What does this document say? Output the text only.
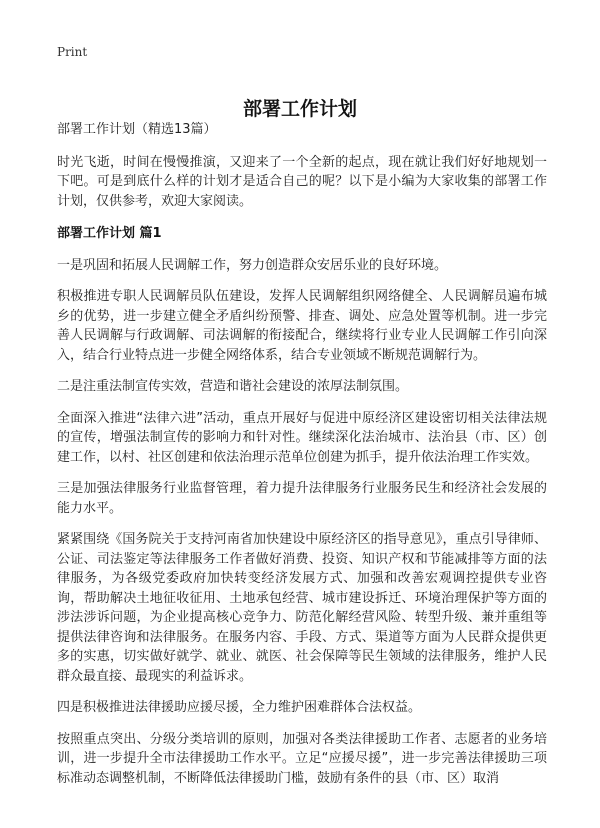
Print
部署工作计划

部署工作计划（精选13篇）

时光飞逝，时间在慢慢推演，又迎来了一个全新的起点，现在就让我们好好地规划一下吧。可是到底什么样的计划才是适合自己的呢？以下是小编为大家收集的部署工作计划，仅供参考，欢迎大家阅读。

部署工作计划 篇1

一是巩固和拓展人民调解工作，努力创造群众安居乐业的良好环境。

积极推进专职人民调解员队伍建设，发挥人民调解组织网络健全、人民调解员遍布城乡的优势，进一步建立健全矛盾纠纷预警、排查、调处、应急处置等机制。进一步完善人民调解与行政调解、司法调解的衔接配合，继续将行业专业人民调解工作引向深入，结合行业特点进一步健全网络体系，结合专业领域不断规范调解行为。

二是注重法制宣传实效，营造和谐社会建设的浓厚法制氛围。

全面深入推进“法律六进”活动，重点开展好与促进中原经济区建设密切相关法律法规的宣传，增强法制宣传的影响力和针对性。继续深化法治城市、法治县（市、区）创建工作，以村、社区创建和依法治理示范单位创建为抓手，提升依法治理工作实效。

三是加强法律服务行业监督管理，着力提升法律服务行业服务民生和经济社会发展的能力水平。

紧紧围绕《国务院关于支持河南省加快建设中原经济区的指导意见》，重点引导律师、公证、司法鉴定等法律服务工作者做好消费、投资、知识产权和节能减排等方面的法律服务，为各级党委政府加快转变经济发展方式、加强和改善宏观调控提供专业咨询，帮助解决土地征收征用、土地承包经营、城市建设拆迁、环境治理保护等方面的涉法涉诉问题，为企业提高核心竞争力、防范化解经营风险、转型升级、兼并重组等提供法律咨询和法律服务。在服务内容、手段、方式、渠道等方面为人民群众提供更多的实惠，切实做好就学、就业、就医、社会保障等民生领域的法律服务，维护人民群众最直接、最现实的利益诉求。

四是积极推进法律援助应援尽援，全力维护困难群体合法权益。

按照重点突出、分级分类培训的原则，加强对各类法律援助工作者、志愿者的业务培训，进一步提升全市法律援助工作水平。立足“应援尽援”，进一步完善法律援助三项标准动态调整机制，不断降低法律援助门槛，鼓励有条件的县（市、区）取消
